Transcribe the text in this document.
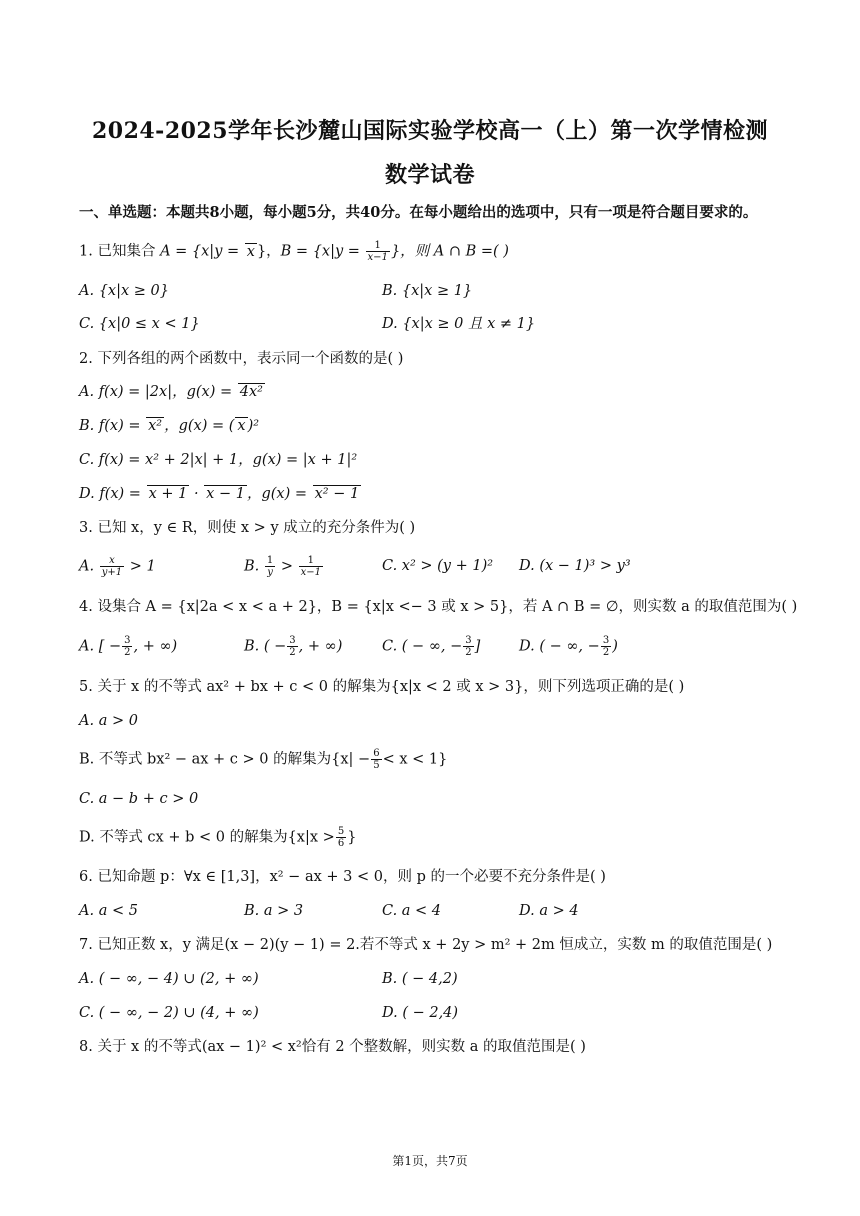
2024-2025学年长沙麓山国际实验学校高一（上）第一次学情检测
数学试卷
一、单选题：本题共8小题，每小题5分，共40分。在每小题给出的选项中，只有一项是符合题目要求的。
1. 已知集合 A = {x|y = x }，$B = \{x|y = \frac{1}{x-1}$ }，则 A ∩ B =( )
A. {x|x ≥ 0}	B. {x|x ≥ 1}
C. {x|0 ≤ x < 1}	D. {x|x ≥ 0 且 x ≠ 1}
2. 下列各组的两个函数中，表示同一个函数的是( )
A. f(x) = |2x|，g(x) = 4x²
B. f(x) = x² ，g(x) = ( x )²
C. f(x) = x² + 2|x| + 1，g(x) = |x + 1|²
D. f(x) = x + 1 · x − 1 ，g(x) = x² − 1
3. 已知 x，y ∈ R，则使 x > y 成立的充分条件为( )
A. $\frac{x}{y+1} > 1$	B. $\frac{1}{y} > \frac{1}{x-1}$	C. x² > (y + 1)² D. (x − 1)³ > y³
4. 设集合 A = {x|2a < x < a + 2}，B = {x|x <− 3 或 x > 5}，若 A ∩ B = ∅，则实数 a 的取值范围为( )
A. [ − $\frac{3}{2}$ , + ∞)	B. ( − $\frac{3}{2}$ , + ∞)	C. ( − ∞, − $\frac{3}{2}$ ]	D. ( − ∞, − $\frac{3}{2}$ )
5. 关于 x 的不等式 ax² + bx + c < 0 的解集为{x|x < 2 或 x > 3}，则下列选项正确的是( )
A. a > 0
B. 不等式 bx² − ax + c > 0 的解集为$\{x| - \frac{6}{5} < x < 1\}$
C. a − b + c > 0
D. 不等式 cx + b < 0 的解集为{$x|x > \frac{5}{6}$ }
6. 已知命题 p：∀x ∈ [1,3]，x² − ax + 3 < 0，则 p 的一个必要不充分条件是( )
A. a < 5	B. a > 3	C. a < 4	D. a > 4
7. 已知正数 x，y 满足(x − 2)(y − 1) = 2.若不等式 x + 2y > m² + 2m 恒成立，实数 m 的取值范围是( )
A. ( − ∞, − 4) ∪ (2, + ∞)	B. ( − 4,2)
C. ( − ∞, − 2) ∪ (4, + ∞)	D. ( − 2,4)
8. 关于 x 的不等式(ax − 1)² < x²恰有 2 个整数解，则实数 a 的取值范围是( )
第1页，共7页
